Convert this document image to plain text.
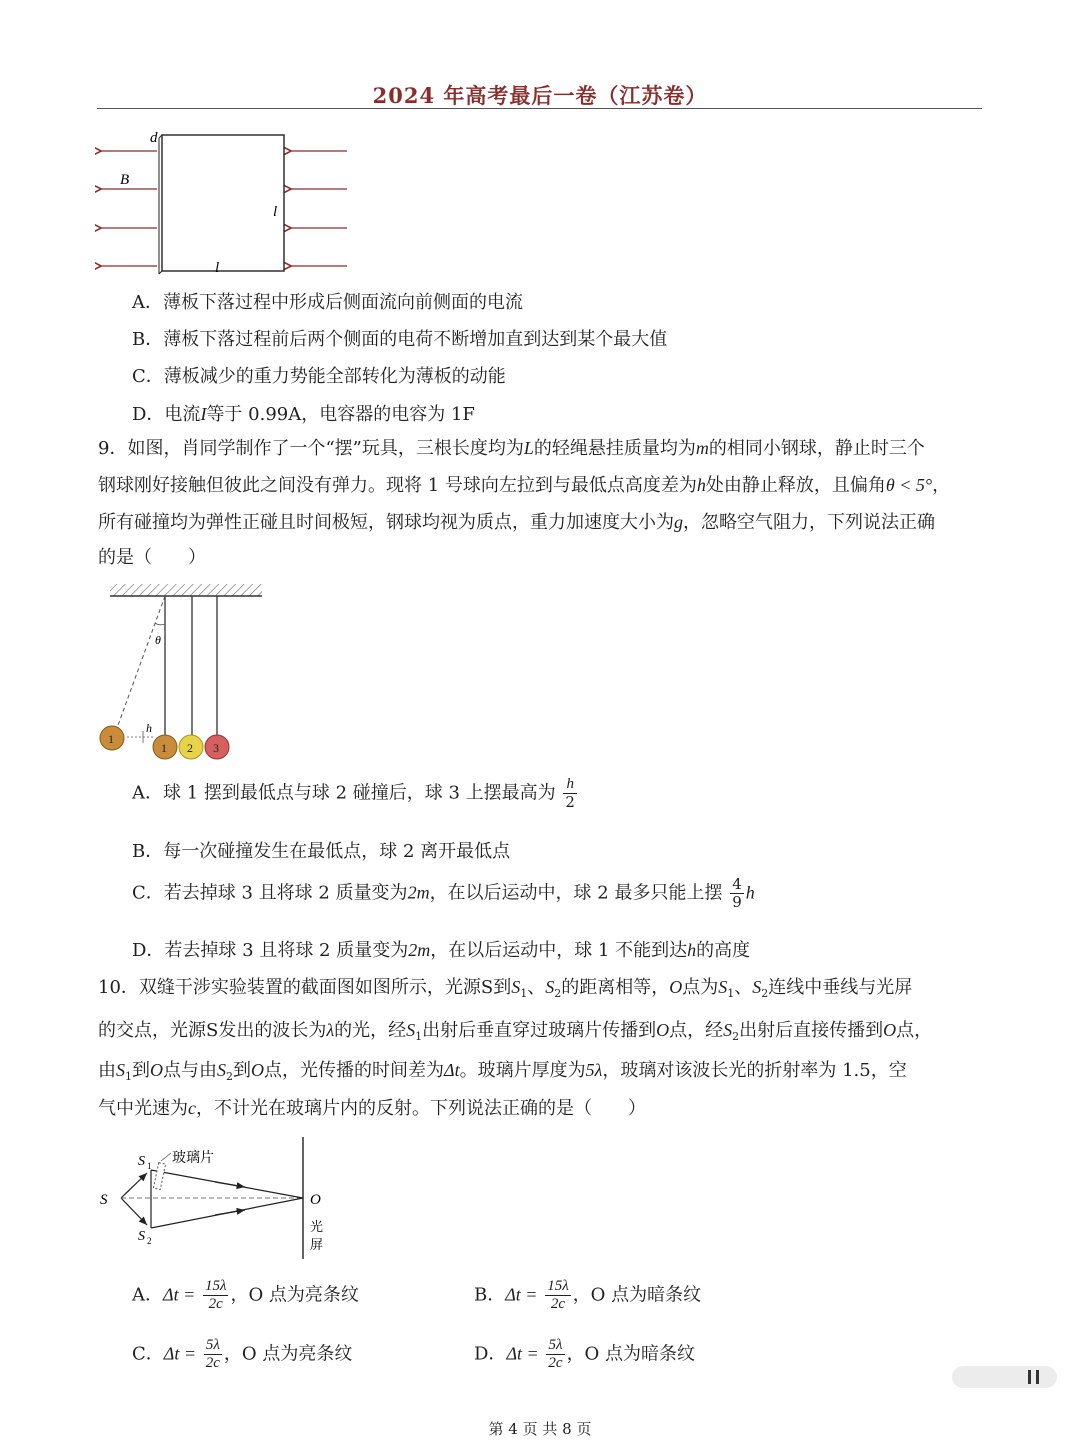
2024 年高考最后一卷（江苏卷）
d
B
l
l
A．薄板下落过程中形成后侧面流向前侧面的电流
B．薄板下落过程前后两个侧面的电荷不断增加直到达到某个最大值
C．薄板减少的重力势能全部转化为薄板的动能
D．电流I等于 0.99A，电容器的电容为 1F
9．如图，肖同学制作了一个“摆”玩具，三根长度均为L的轻绳悬挂质量均为m的相同小钢球，静止时三个
钢球刚好接触但彼此之间没有弹力。现将 1 号球向左拉到与最低点高度差为h处由静止释放，且偏角θ < 5°，
所有碰撞均为弹性正碰且时间极短，钢球均视为质点，重力加速度大小为g，忽略空气阻力，下列说法正确
的是（　　）
θ
h
1
1 2 3
A．球 1 摆到最低点与球 2 碰撞后，球 3 上摆最高为 $\frac{h}{2}$
B．每一次碰撞发生在最低点，球 2 离开最低点
C．若去掉球 3 且将球 2 质量变为2m，在以后运动中，球 2 最多只能上摆 $\frac{4}{9}$ h
D．若去掉球 3 且将球 2 质量变为2m，在以后运动中，球 1 不能到达h的高度
10．双缝干涉实验装置的截面图如图所示，光源S到$S_1$、$S_2$的距离相等，O点为$S_1$、$S_2$连线中垂线与光屏
的交点，光源S发出的波长为λ的光，经$S_1$出射后垂直穿过玻璃片传播到O点，经$S_2$出射后直接传播到O点，
由$S_1$到O点与由$S_2$到O点，光传播的时间差为Δt。玻璃片厚度为5λ，玻璃对该波长光的折射率为 1.5，空
气中光速为c，不计光在玻璃片内的反射。下列说法正确的是（　　）
玻璃片
S
S 1
S 2
O
光
屏
A．$\Delta t = \frac{15\lambda}{2c}$ ，O 点为亮条纹	B．$\Delta t = \frac{15\lambda}{2c}$ ，O 点为暗条纹
C．$\Delta t = \frac{5\lambda}{2c}$ ，O 点为亮条纹	D．$\Delta t = \frac{5\lambda}{2c}$ ，O 点为暗条纹
第 4 页 共 8 页
